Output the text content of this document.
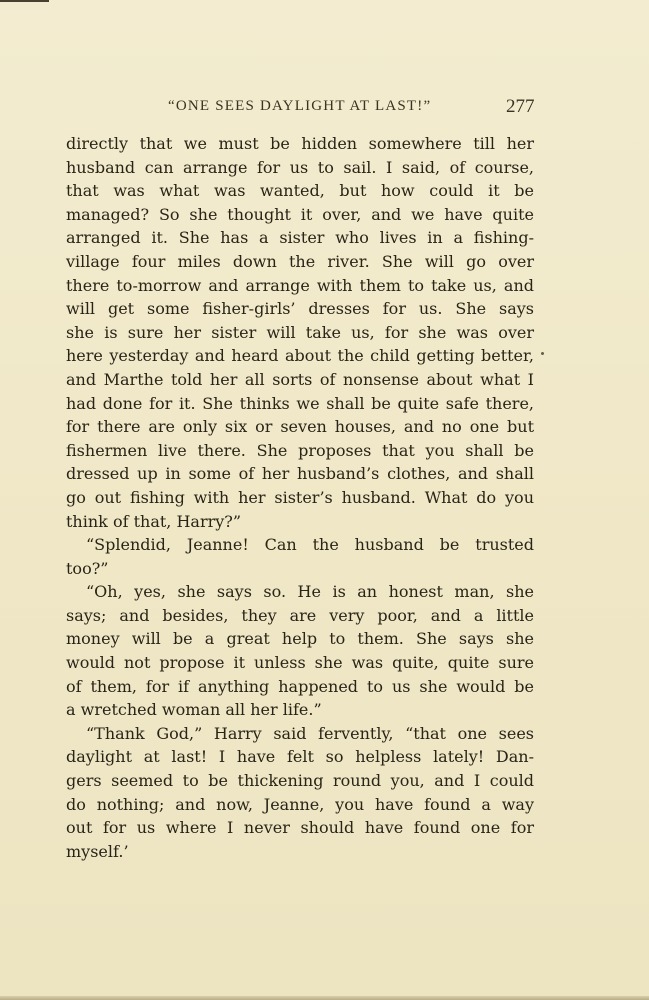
“ONE SEES DAYLIGHT AT LAST!”	277
directly that we must be hidden somewhere till her
husband can arrange for us to sail. I said, of course,
that was what was wanted, but how could it be
managed? So she thought it over, and we have quite
arranged it. She has a sister who lives in a fishing-
village four miles down the river. She will go over
there to-morrow and arrange with them to take us, and
will get some fisher-girls’ dresses for us. She says
she is sure her sister will take us, for she was over
here yesterday and heard about the child getting better,
and Marthe told her all sorts of nonsense about what I
had done for it. She thinks we shall be quite safe there,
for there are only six or seven houses, and no one but
fishermen live there. She proposes that you shall be
dressed up in some of her husband’s clothes, and shall
go out fishing with her sister’s husband. What do you
think of that, Harry?”
“Splendid, Jeanne! Can the husband be trusted
too?”
“Oh, yes, she says so. He is an honest man, she
says; and besides, they are very poor, and a little
money will be a great help to them. She says she
would not propose it unless she was quite, quite sure
of them, for if anything happened to us she would be
a wretched woman all her life.”
“Thank God,” Harry said fervently, “that one sees
daylight at last! I have felt so helpless lately! Dan-
gers seemed to be thickening round you, and I could
do nothing; and now, Jeanne, you have found a way
out for us where I never should have found one for
myself.’
